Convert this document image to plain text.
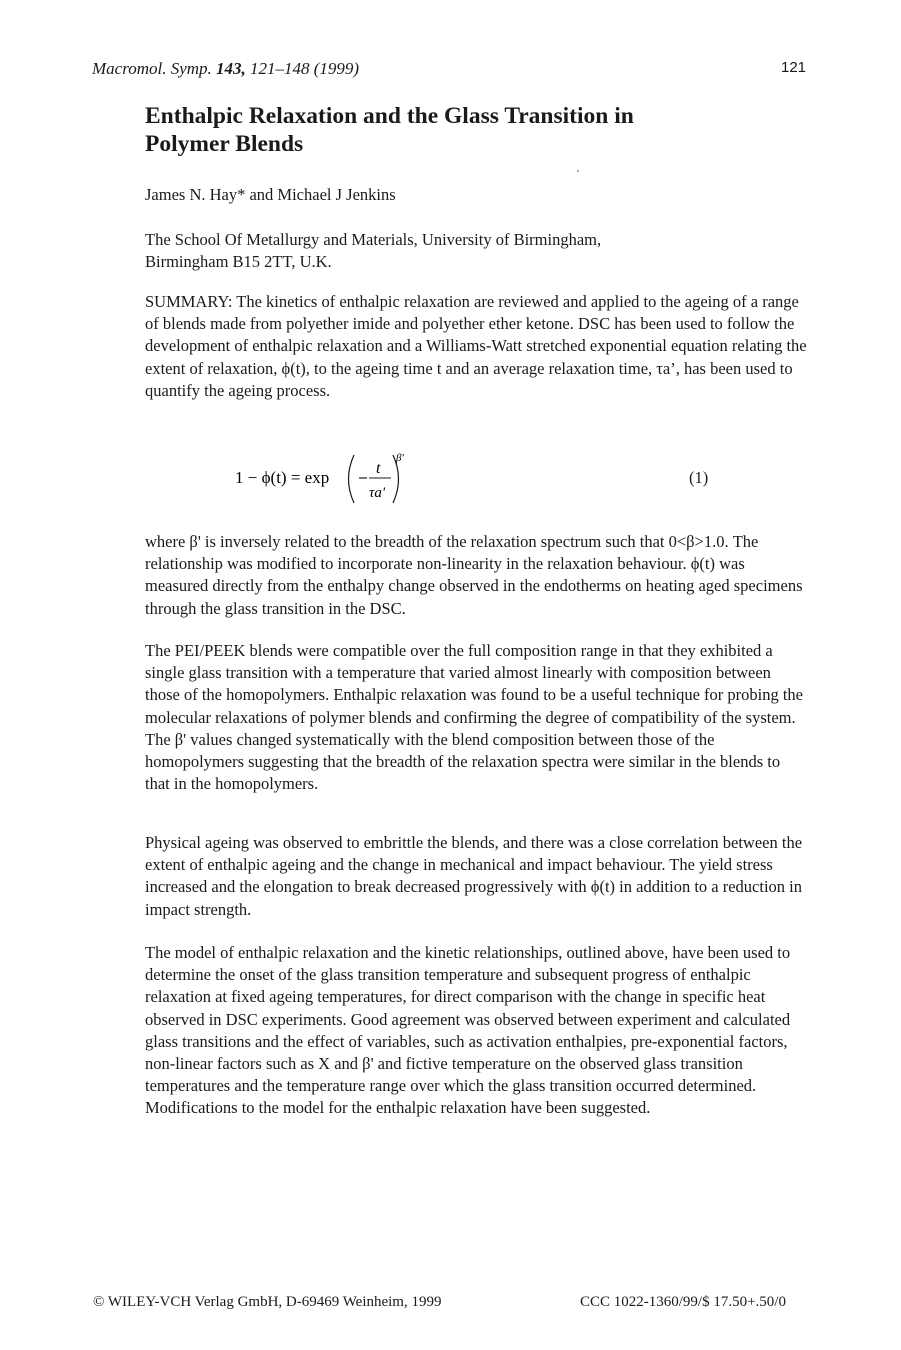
Macromol. Symp. 143, 121–148 (1999)	121
Enthalpic Relaxation and the Glass Transition in
Polymer Blends
James N. Hay* and Michael J Jenkins
The School Of Metallurgy and Materials, University of Birmingham,
Birmingham B15 2TT, U.K.
SUMMARY: The kinetics of enthalpic relaxation are reviewed and applied to the ageing of a range of blends made from polyether imide and polyether ether ketone. DSC has been used to follow the development of enthalpic relaxation and a Williams-Watt stretched exponential equation relating the extent of relaxation, ϕ(t), to the ageing time t and an average relaxation time, τa’, has been used to quantify the ageing process.
1 − ϕ(t) = exp	t
τa'
β'
(1)
where β' is inversely related to the breadth of the relaxation spectrum such that 0<β>1.0. The relationship was modified to incorporate non-linearity in the relaxation behaviour. ϕ(t) was measured directly from the enthalpy change observed in the endotherms on heating aged specimens through the glass transition in the DSC.
The PEI/PEEK blends were compatible over the full composition range in that they exhibited a single glass transition with a temperature that varied almost linearly with composition between those of the homopolymers. Enthalpic relaxation was found to be a useful technique for probing the molecular relaxations of polymer blends and confirming the degree of compatibility of the system. The β' values changed systematically with the blend composition between those of the homopolymers suggesting that the breadth of the relaxation spectra were similar in the blends to that in the homopolymers.
Physical ageing was observed to embrittle the blends, and there was a close correlation between the extent of enthalpic ageing and the change in mechanical and impact behaviour. The yield stress increased and the elongation to break decreased progressively with ϕ(t) in addition to a reduction in impact strength.
The model of enthalpic relaxation and the kinetic relationships, outlined above, have been used to determine the onset of the glass transition temperature and subsequent progress of enthalpic relaxation at fixed ageing temperatures, for direct comparison with the change in specific heat observed in DSC experiments. Good agreement was observed between experiment and calculated glass transitions and the effect of variables, such as activation enthalpies, pre-exponential factors, non-linear factors such as X and β' and fictive temperature on the observed glass transition temperatures and the temperature range over which the glass transition occurred determined. Modifications to the model for the enthalpic relaxation have been suggested.
© WILEY-VCH Verlag GmbH, D-69469 Weinheim, 1999	CCC 1022-1360/99/$ 17.50+.50/0
